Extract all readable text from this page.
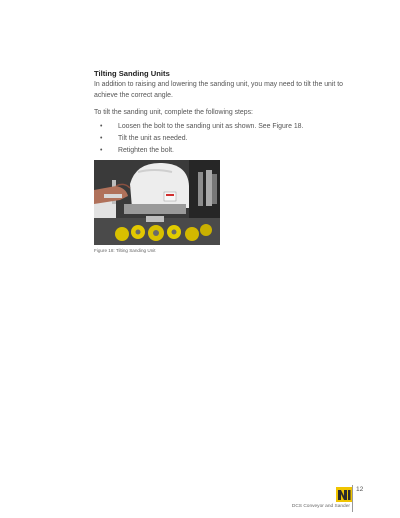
Tilting Sanding Units
In addition to raising and lowering the sanding unit, you may need to tilt the unit to achieve the correct angle.
To tilt the sanding unit, complete the following steps:
• Loosen the bolt to the sanding unit as shown. See Figure 18.
• Tilt the unit as needed.
• Retighten the bolt.
Figure 18: Tilting Sanding Unit
12
DCS Conveyor and Sander
